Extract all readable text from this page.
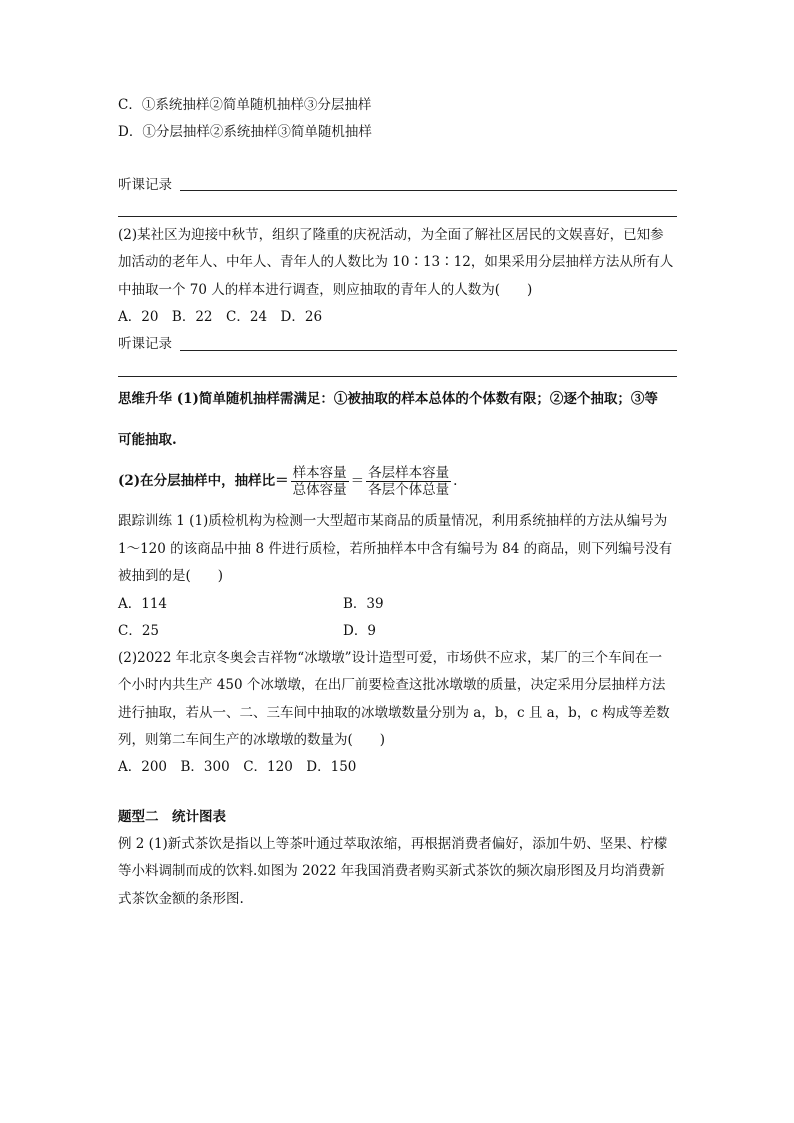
C．①系统抽样②简单随机抽样③分层抽样
D．①分层抽样②系统抽样③简单随机抽样
听课记录
(2)某社区为迎接中秋节，组织了隆重的庆祝活动，为全面了解社区居民的文娱喜好，已知参
加活动的老年人、中年人、青年人的人数比为 10∶13∶12，如果采用分层抽样方法从所有人
中抽取一个 70 人的样本进行调查，则应抽取的青年人的人数为(　　)
A．20　B．22　C．24　D．26
听课记录
思维升华 (1)简单随机抽样需满足：①被抽取的样本总体的个体数有限；②逐个抽取；③等
可能抽取.
(2)在分层抽样中，抽样比＝ $\frac{\text{样本容量}}{\text{总体容量}} = \frac{\text{各层样本容量}}{\text{各层个体总量}}$ .
跟踪训练 1 (1)质检机构为检测一大型超市某商品的质量情况，利用系统抽样的方法从编号为
1～120 的该商品中抽 8 件进行质检，若所抽样本中含有编号为 84 的商品，则下列编号没有
被抽到的是(　　)
A．114	B．39
C．25	D．9
(2)2022 年北京冬奥会吉祥物“冰墩墩”设计造型可爱，市场供不应求，某厂的三个车间在一
个小时内共生产 450 个冰墩墩，在出厂前要检查这批冰墩墩的质量，决定采用分层抽样方法
进行抽取，若从一、二、三车间中抽取的冰墩墩数量分别为 a，b，c 且 a，b，c 构成等差数
列，则第二车间生产的冰墩墩的数量为(　　)
A．200　B．300　C．120　D．150
题型二　统计图表
例 2 (1)新式茶饮是指以上等茶叶通过萃取浓缩，再根据消费者偏好，添加牛奶、坚果、柠檬
等小料调制而成的饮料.如图为 2022 年我国消费者购买新式茶饮的频次扇形图及月均消费新
式茶饮金额的条形图.
